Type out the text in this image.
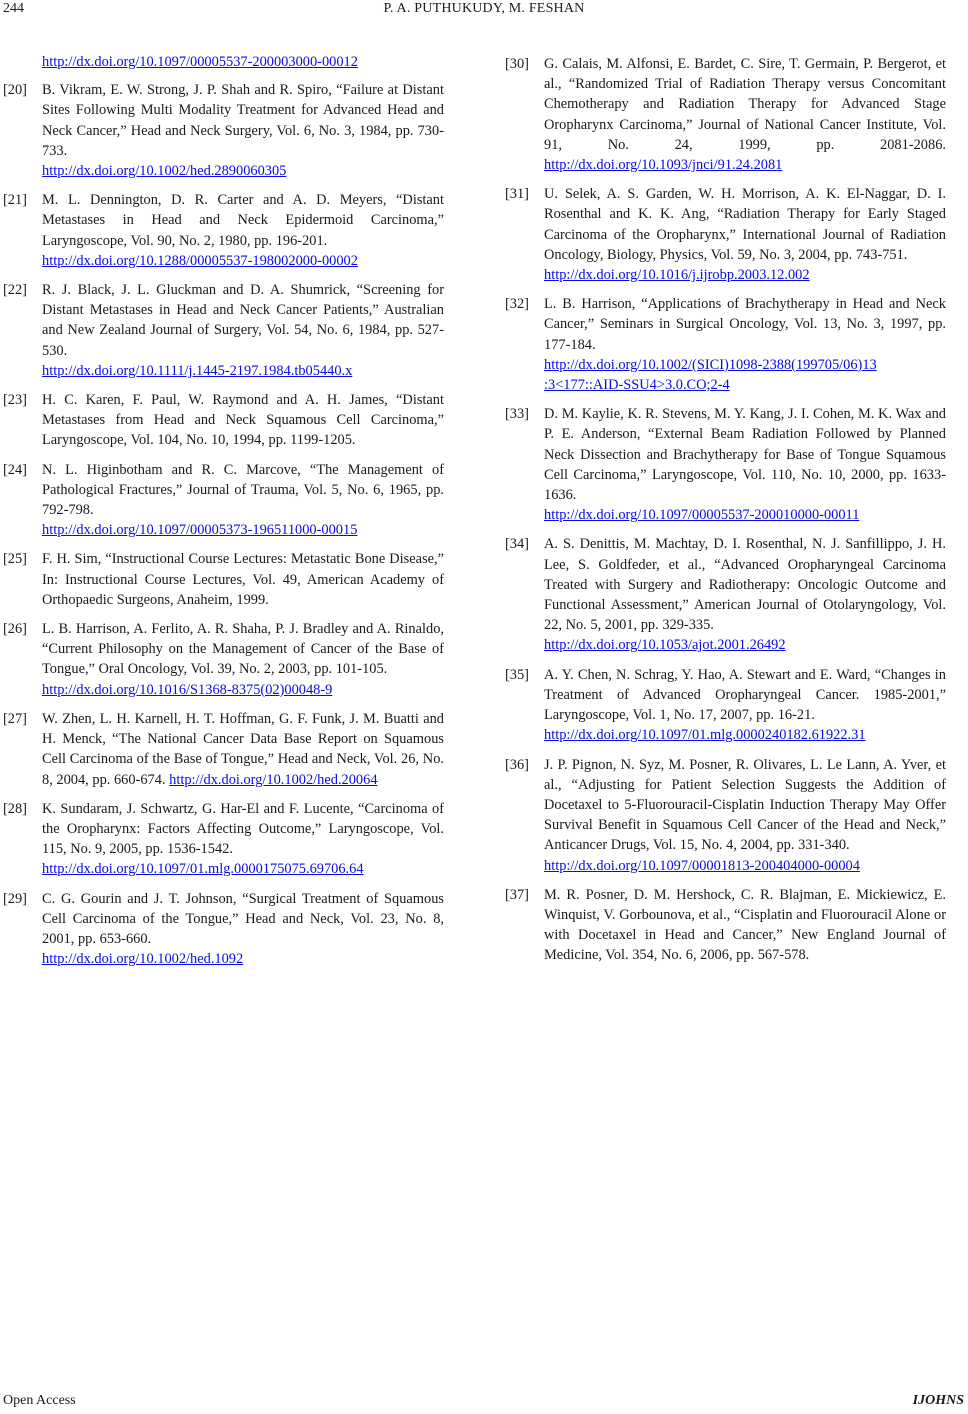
244	P. A. PUTHUKUDY, M. FESHAN
http://dx.doi.org/10.1097/00005537-200003000-00012
[20] B. Vikram, E. W. Strong, J. P. Shah and R. Spiro, “Failure at Distant Sites Following Multi Modality Treatment for Advanced Head and Neck Cancer,” Head and Neck Surgery, Vol. 6, No. 3, 1984, pp. 730-733.
http://dx.doi.org/10.1002/hed.2890060305
[21] M. L. Dennington, D. R. Carter and A. D. Meyers, “Distant Metastases in Head and Neck Epidermoid Carcinoma,” Laryngoscope, Vol. 90, No. 2, 1980, pp. 196-201.
http://dx.doi.org/10.1288/00005537-198002000-00002
[22] R. J. Black, J. L. Gluckman and D. A. Shumrick, “Screening for Distant Metastases in Head and Neck Cancer Patients,” Australian and New Zealand Journal of Surgery, Vol. 54, No. 6, 1984, pp. 527-530.
http://dx.doi.org/10.1111/j.1445-2197.1984.tb05440.x
[23] H. C. Karen, F. Paul, W. Raymond and A. H. James, “Distant Metastases from Head and Neck Squamous Cell Carcinoma,” Laryngoscope, Vol. 104, No. 10, 1994, pp. 1199-1205.
[24] N. L. Higinbotham and R. C. Marcove, “The Management of Pathological Fractures,” Journal of Trauma, Vol. 5, No. 6, 1965, pp. 792-798.
http://dx.doi.org/10.1097/00005373-196511000-00015
[25] F. H. Sim, “Instructional Course Lectures: Metastatic Bone Disease,” In: Instructional Course Lectures, Vol. 49, American Academy of Orthopaedic Surgeons, Anaheim, 1999.
[26] L. B. Harrison, A. Ferlito, A. R. Shaha, P. J. Bradley and A. Rinaldo, “Current Philosophy on the Management of Cancer of the Base of Tongue,” Oral Oncology, Vol. 39, No. 2, 2003, pp. 101-105.
http://dx.doi.org/10.1016/S1368-8375(02)00048-9
[27] W. Zhen, L. H. Karnell, H. T. Hoffman, G. F. Funk, J. M. Buatti and H. Menck, “The National Cancer Data Base Report on Squamous Cell Carcinoma of the Base of Tongue,” Head and Neck, Vol. 26, No. 8, 2004, pp. 660-674. http://dx.doi.org/10.1002/hed.20064
[28] K. Sundaram, J. Schwartz, G. Har-El and F. Lucente, “Carcinoma of the Oropharynx: Factors Affecting Outcome,” Laryngoscope, Vol. 115, No. 9, 2005, pp. 1536-1542.
http://dx.doi.org/10.1097/01.mlg.0000175075.69706.64
[29] C. G. Gourin and J. T. Johnson, “Surgical Treatment of Squamous Cell Carcinoma of the Tongue,” Head and Neck, Vol. 23, No. 8, 2001, pp. 653-660.
http://dx.doi.org/10.1002/hed.1092
[30] G. Calais, M. Alfonsi, E. Bardet, C. Sire, T. Germain, P. Bergerot, et al., “Randomized Trial of Radiation Therapy versus Concomitant Chemotherapy and Radiation Therapy for Advanced Stage Oropharynx Carcinoma,” Journal of National Cancer Institute, Vol. 91, No. 24, 1999, pp. 2081-2086. http://dx.doi.org/10.1093/jnci/91.24.2081
[31] U. Selek, A. S. Garden, W. H. Morrison, A. K. El-Naggar, D. I. Rosenthal and K. K. Ang, “Radiation Therapy for Early Staged Carcinoma of the Oropharynx,” International Journal of Radiation Oncology, Biology, Physics, Vol. 59, No. 3, 2004, pp. 743-751.
http://dx.doi.org/10.1016/j.ijrobp.2003.12.002
[32] L. B. Harrison, “Applications of Brachytherapy in Head and Neck Cancer,” Seminars in Surgical Oncology, Vol. 13, No. 3, 1997, pp. 177-184.
http://dx.doi.org/10.1002/(SICI)1098-2388(199705/06)13
:3<177::AID-SSU4>3.0.CO;2-4
[33] D. M. Kaylie, K. R. Stevens, M. Y. Kang, J. I. Cohen, M. K. Wax and P. E. Anderson, “External Beam Radiation Followed by Planned Neck Dissection and Brachytherapy for Base of Tongue Squamous Cell Carcinoma,” Laryngoscope, Vol. 110, No. 10, 2000, pp. 1633-1636.
http://dx.doi.org/10.1097/00005537-200010000-00011
[34] A. S. Denittis, M. Machtay, D. I. Rosenthal, N. J. Sanfillippo, J. H. Lee, S. Goldfeder, et al., “Advanced Oropharyngeal Carcinoma Treated with Surgery and Radiotherapy: Oncologic Outcome and Functional Assessment,” American Journal of Otolaryngology, Vol. 22, No. 5, 2001, pp. 329-335.
http://dx.doi.org/10.1053/ajot.2001.26492
[35] A. Y. Chen, N. Schrag, Y. Hao, A. Stewart and E. Ward, “Changes in Treatment of Advanced Oropharyngeal Cancer. 1985-2001,” Laryngoscope, Vol. 1, No. 17, 2007, pp. 16-21.
http://dx.doi.org/10.1097/01.mlg.0000240182.61922.31
[36] J. P. Pignon, N. Syz, M. Posner, R. Olivares, L. Le Lann, A. Yver, et al., “Adjusting for Patient Selection Suggests the Addition of Docetaxel to 5-Fluorouracil-Cisplatin Induction Therapy May Offer Survival Benefit in Squamous Cell Cancer of the Head and Neck,” Anticancer Drugs, Vol. 15, No. 4, 2004, pp. 331-340.
http://dx.doi.org/10.1097/00001813-200404000-00004
[37] M. R. Posner, D. M. Hershock, C. R. Blajman, E. Mickiewicz, E. Winquist, V. Gorbounova, et al., “Cisplatin and Fluorouracil Alone or with Docetaxel in Head and Cancer,” New England Journal of Medicine, Vol. 354, No. 6, 2006, pp. 567-578.
Open Access	IJOHNS
